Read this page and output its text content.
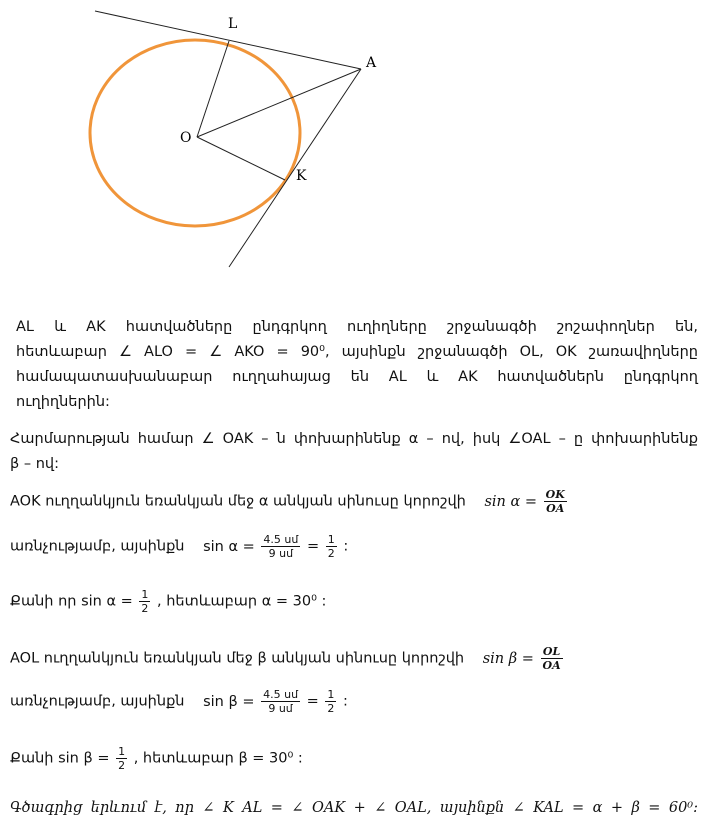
L
A
O
K
AL և AK հատվածները ընդգրկող ուղիղները շրջանագծի շոշափողներ են,
հետևաբար ∠ ALO = ∠ AKO = 90⁰, այսինքն շրջանագծի OL, OK շառավիղները
համապատասխանաբար ուղղահայաց են AL և AK հատվածներն ընդգրկող
ուղիղներին:
Հարմարության համար ∠ OAK – ն փոխարինենք α – ով, իսկ ∠OAL – ը փոխարինենք
β – ով:
AOK ուղղանկյուն եռանկյան մեջ α անկյան սինուսը կորոշվի $\sin \alpha = \frac{OK}{OA}$
առնչությամբ, այսինքն $\sin \alpha = \frac{\text{4.5 սմ}}{\text{9 սմ}} = \frac{1}{2}$ :
Քանի որ $\sin \alpha = \frac{1}{2}$ , հետևաբար α = 30⁰ :
AOL ուղղանկյուն եռանկյան մեջ β անկյան սինուսը կորոշվի $\sin \beta = \frac{OL}{OA}$
առնչությամբ, այսինքն $\sin \beta = \frac{\text{4.5 սմ}}{\text{9 սմ}} = \frac{1}{2}$ :
Քանի $\sin \beta = \frac{1}{2}$ , հետևաբար β = 30⁰ :
Գծագրից երևում է, որ ∠ K AL = ∠ OAK + ∠ OAL, այսինքն ∠ KAL = α + β = 60⁰:
